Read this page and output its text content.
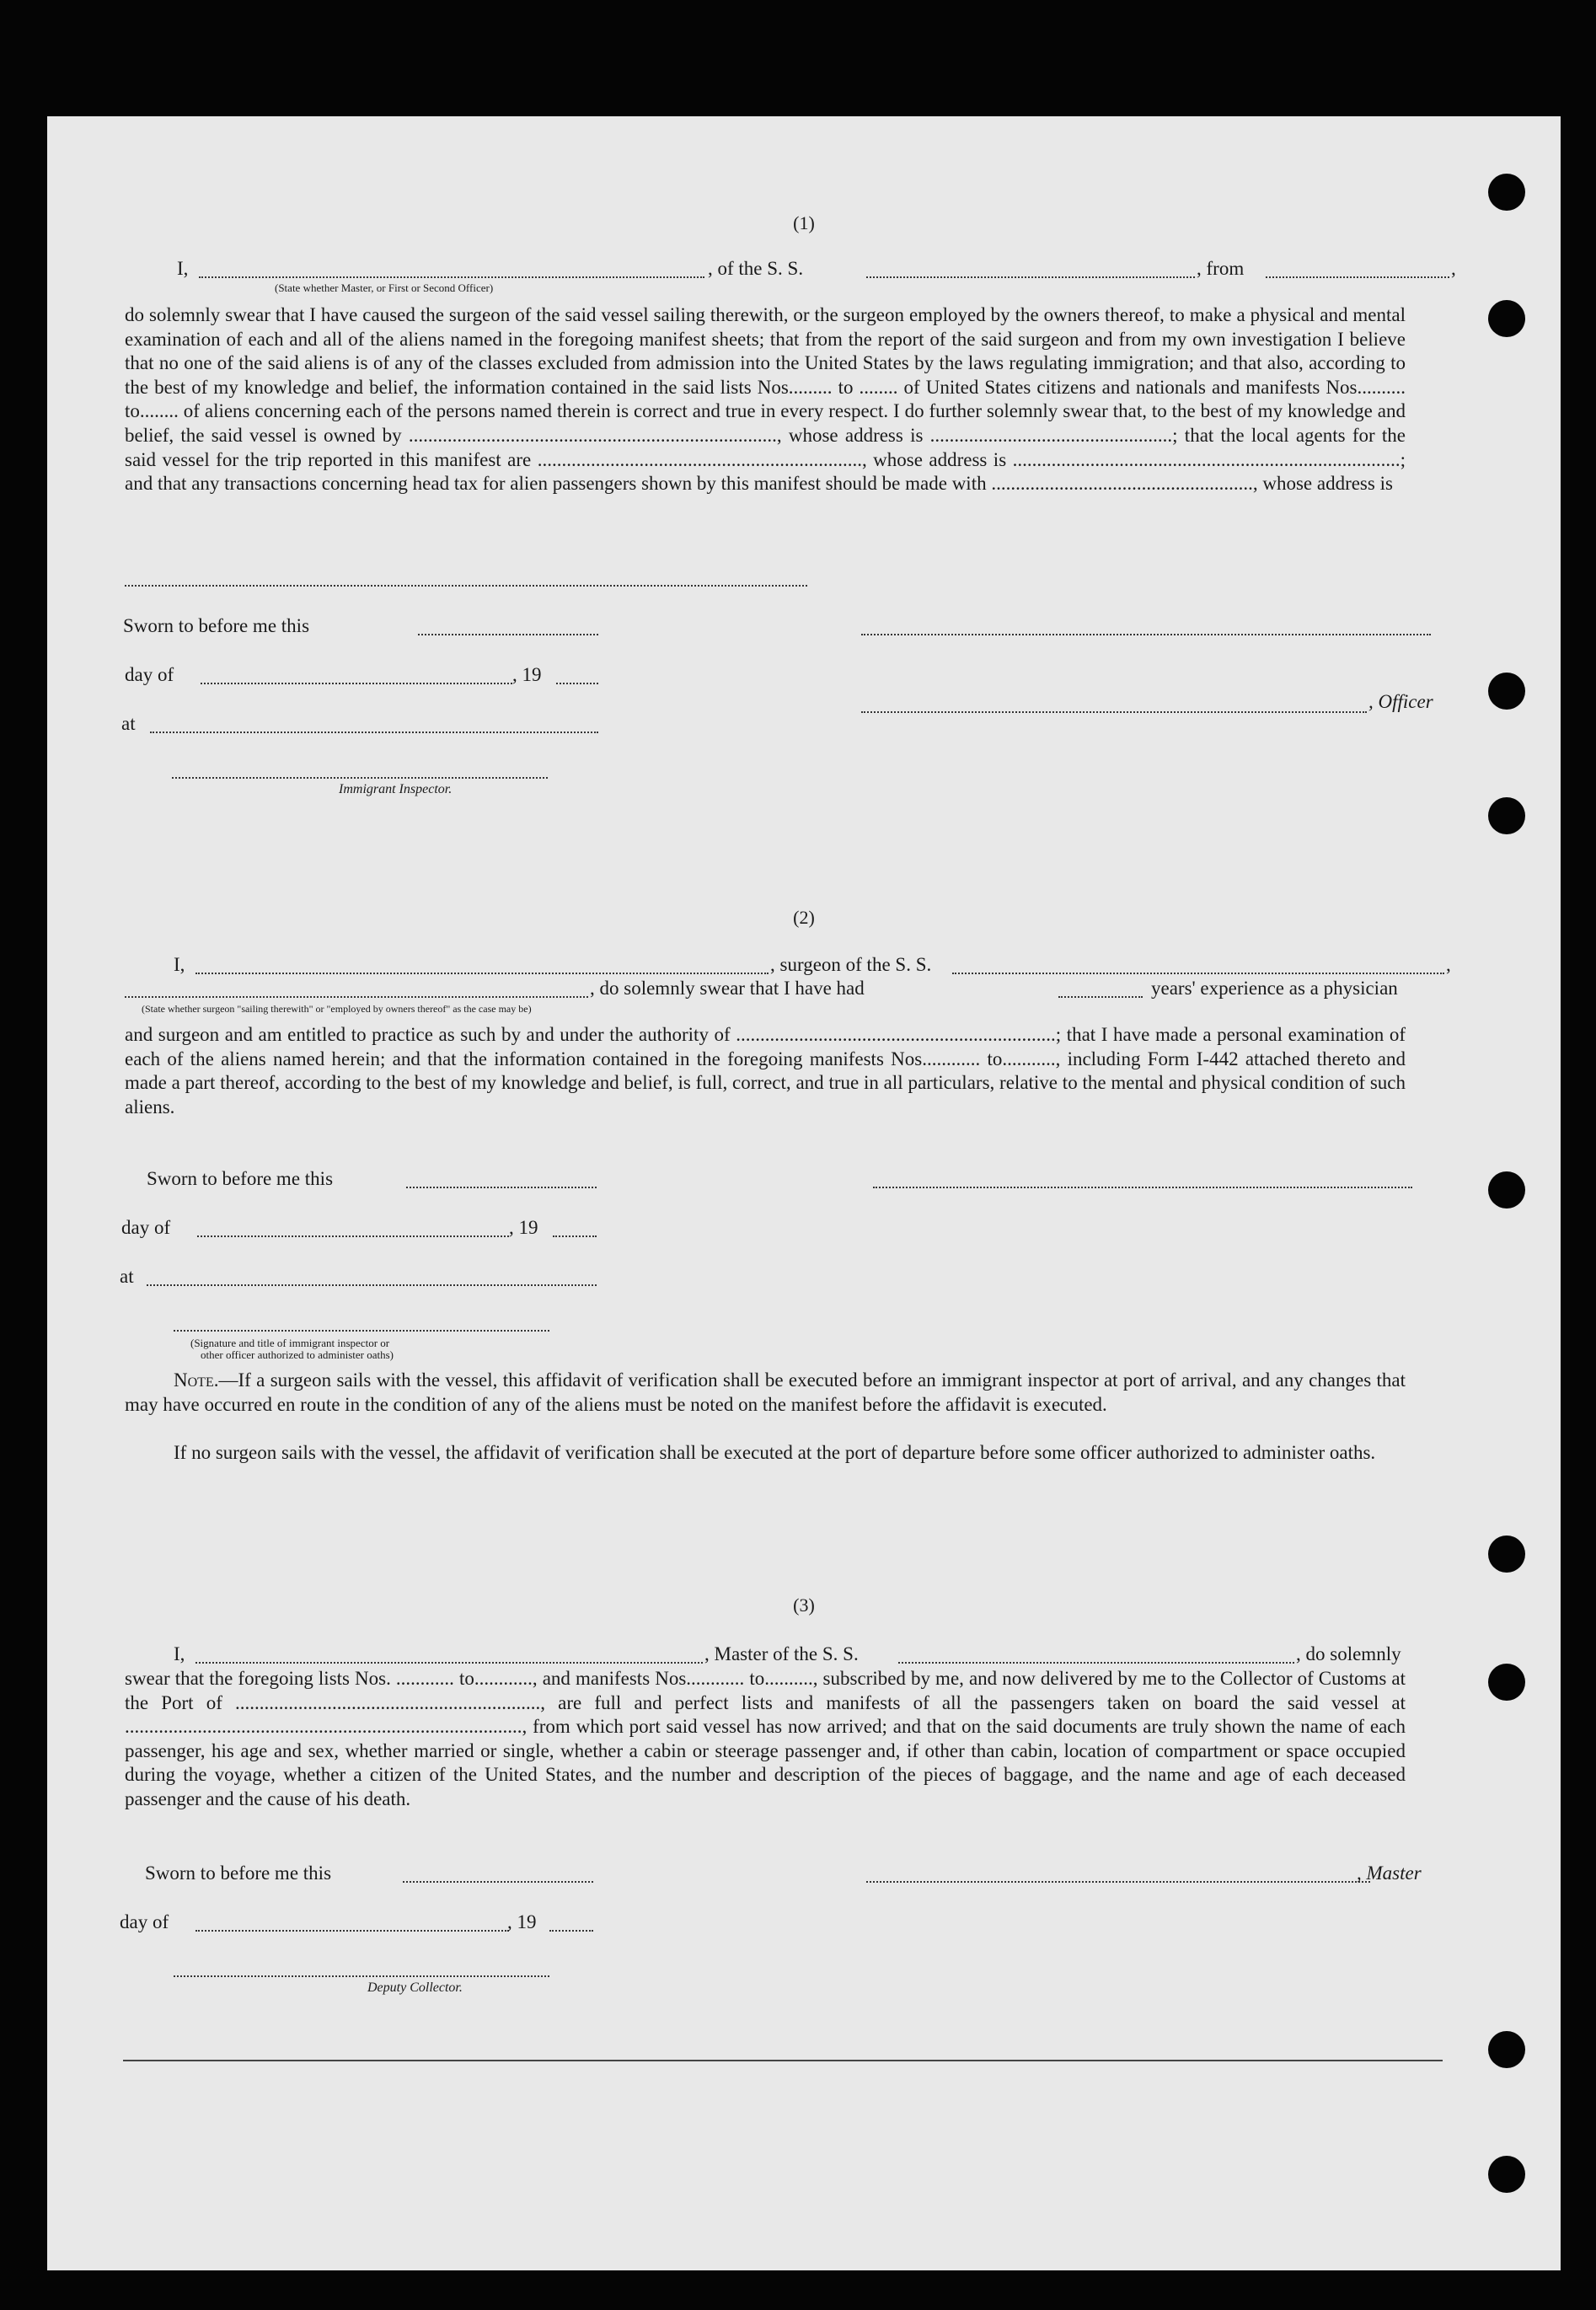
(1)
I,	, of the S. S.	, from	,
(State whether Master, or First or Second Officer)
do solemnly swear that I have caused the surgeon of the said vessel sailing therewith, or the surgeon employed by the owners thereof, to make a physical and mental examination of each and all of the aliens named in the foregoing manifest sheets; that from the report of the said surgeon and from my own investigation I believe that no one of the said aliens is of any of the classes excluded from admission into the United States by the laws regulating immigration; and that also, according to the best of my knowledge and belief, the information contained in the said lists Nos......... to ........ of United States citizens and nationals and manifests Nos.......... to........ of aliens concerning each of the persons named therein is correct and true in every respect. I do further solemnly swear that, to the best of my knowledge and belief, the said vessel is owned by ............................................................................, whose address is ..................................................; that the local agents for the said vessel for the trip reported in this manifest are ..................................................................., whose address is ................................................................................; and that any transactions concerning head tax for alien passengers shown by this manifest should be made with ......................................................, whose address is
Sworn to before me this
day of	, 19
, Officer
at
Immigrant Inspector.
(2)
I,	, surgeon of the S. S.	,
, do solemnly swear that I have had	years' experience as a physician
(State whether surgeon "sailing therewith" or "employed by owners thereof" as the case may be)
and surgeon and am entitled to practice as such by and under the authority of ..................................................................; that I have made a personal examination of each of the aliens named herein; and that the information contained in the foregoing manifests Nos............ to..........., including Form I-442 attached thereto and made a part thereof, according to the best of my knowledge and belief, is full, correct, and true in all particulars, relative to the mental and physical condition of such aliens.
Sworn to before me this
day of	, 19
at
(Signature and title of immigrant inspector or
other officer authorized to administer oaths)
Note.—If a surgeon sails with the vessel, this affidavit of verification shall be executed before an immigrant inspector at port of arrival, and any changes that may have occurred en route in the condition of any of the aliens must be noted on the manifest before the affidavit is executed.
If no surgeon sails with the vessel, the affidavit of verification shall be executed at the port of departure before some officer authorized to administer oaths.
(3)
I,	, Master of the S. S.	, do solemnly
swear that the foregoing lists Nos. ............ to............, and manifests Nos............ to.........., subscribed by me, and now delivered by me to the Collector of Customs at the Port of ..............................................................., are full and perfect lists and manifests of all the passengers taken on board the said vessel at .................................................................................., from which port said vessel has now arrived; and that on the said documents are truly shown the name of each passenger, his age and sex, whether married or single, whether a cabin or steerage passenger and, if other than cabin, location of compartment or space occupied during the voyage, whether a citizen of the United States, and the number and description of the pieces of baggage, and the name and age of each deceased passenger and the cause of his death.
Sworn to before me this	, Master
day of	, 19
Deputy Collector.
